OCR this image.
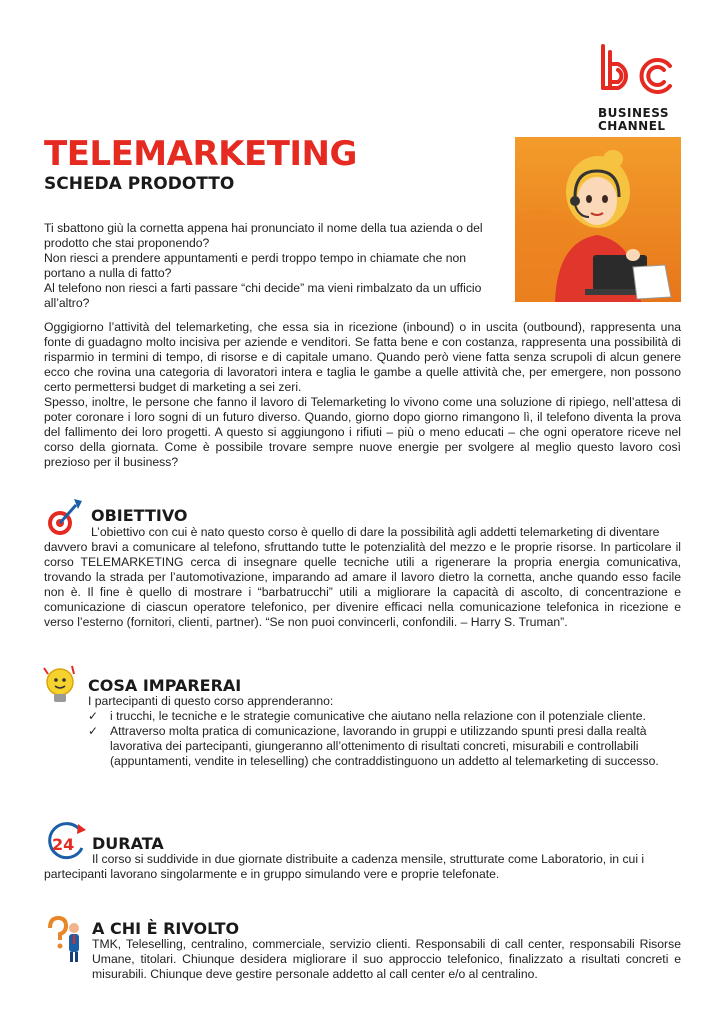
BUSINESS
CHANNEL
TELEMARKETING
SCHEDA PRODOTTO
Ti sbattono giù la cornetta appena hai pronunciato il nome della tua azienda o del prodotto che stai proponendo?
Non riesci a prendere appuntamenti e perdi troppo tempo in chiamate che non portano a nulla di fatto?
Al telefono non riesci a farti passare “chi decide” ma vieni rimbalzato da un ufficio all’altro?
Oggigiorno l’attività del telemarketing, che essa sia in ricezione (inbound) o in uscita (outbound), rappresenta una fonte di guadagno molto incisiva per aziende e venditori. Se fatta bene e con costanza, rappresenta una possibilità di risparmio in termini di tempo, di risorse e di capitale umano. Quando però viene fatta senza scrupoli di alcun genere ecco che rovina una categoria di lavoratori intera e taglia le gambe a quelle attività che, per emergere, non possono certo permettersi budget di marketing a sei zeri.
Spesso, inoltre, le persone che fanno il lavoro di Telemarketing lo vivono come una soluzione di ripiego, nell’attesa di poter coronare i loro sogni di un futuro diverso. Quando, giorno dopo giorno rimangono lì, il telefono diventa la prova del fallimento dei loro progetti. A questo si aggiungono i rifiuti – più o meno educati – che ogni operatore riceve nel corso della giornata. Come è possibile trovare sempre nuove energie per svolgere al meglio questo lavoro così prezioso per il business?
OBIETTIVO
L’obiettivo con cui è nato questo corso è quello di dare la possibilità agli addetti telemarketing di diventare
davvero bravi a comunicare al telefono, sfruttando tutte le potenzialità del mezzo e le proprie risorse. In particolare il corso TELEMARKETING cerca di insegnare quelle tecniche utili a rigenerare la propria energia comunicativa, trovando la strada per l’automotivazione, imparando ad amare il lavoro dietro la cornetta, anche quando esso facile non è. Il fine è quello di mostrare i “barbatrucchi” utili a migliorare la capacità di ascolto, di concentrazione e comunicazione di ciascun operatore telefonico, per divenire efficaci nella comunicazione telefonica in ricezione e verso l’esterno (fornitori, clienti, partner). “Se non puoi convincerli, confondili. – Harry S. Truman”.
COSA IMPARERAI
I partecipanti di questo corso apprenderanno:
✓ i trucchi, le tecniche e le strategie comunicative che aiutano nella relazione con il potenziale cliente.
✓ Attraverso molta pratica di comunicazione, lavorando in gruppi e utilizzando spunti presi dalla realtà lavorativa dei partecipanti, giungeranno all’ottenimento di risultati concreti, misurabili e controllabili (appuntamenti, vendite in teleselling) che contraddistinguono un addetto al telemarketing di successo.
24 DURATA
Il corso si suddivide in due giornate distribuite a cadenza mensile, strutturate come Laboratorio, in cui i
partecipanti lavorano singolarmente e in gruppo simulando vere e proprie telefonate.
A CHI È RIVOLTO
TMK, Teleselling, centralino, commerciale, servizio clienti. Responsabili di call center, responsabili Risorse Umane, titolari. Chiunque desidera migliorare il suo approccio telefonico, finalizzato a risultati concreti e misurabili. Chiunque deve gestire personale addetto al call center e/o al centralino.
